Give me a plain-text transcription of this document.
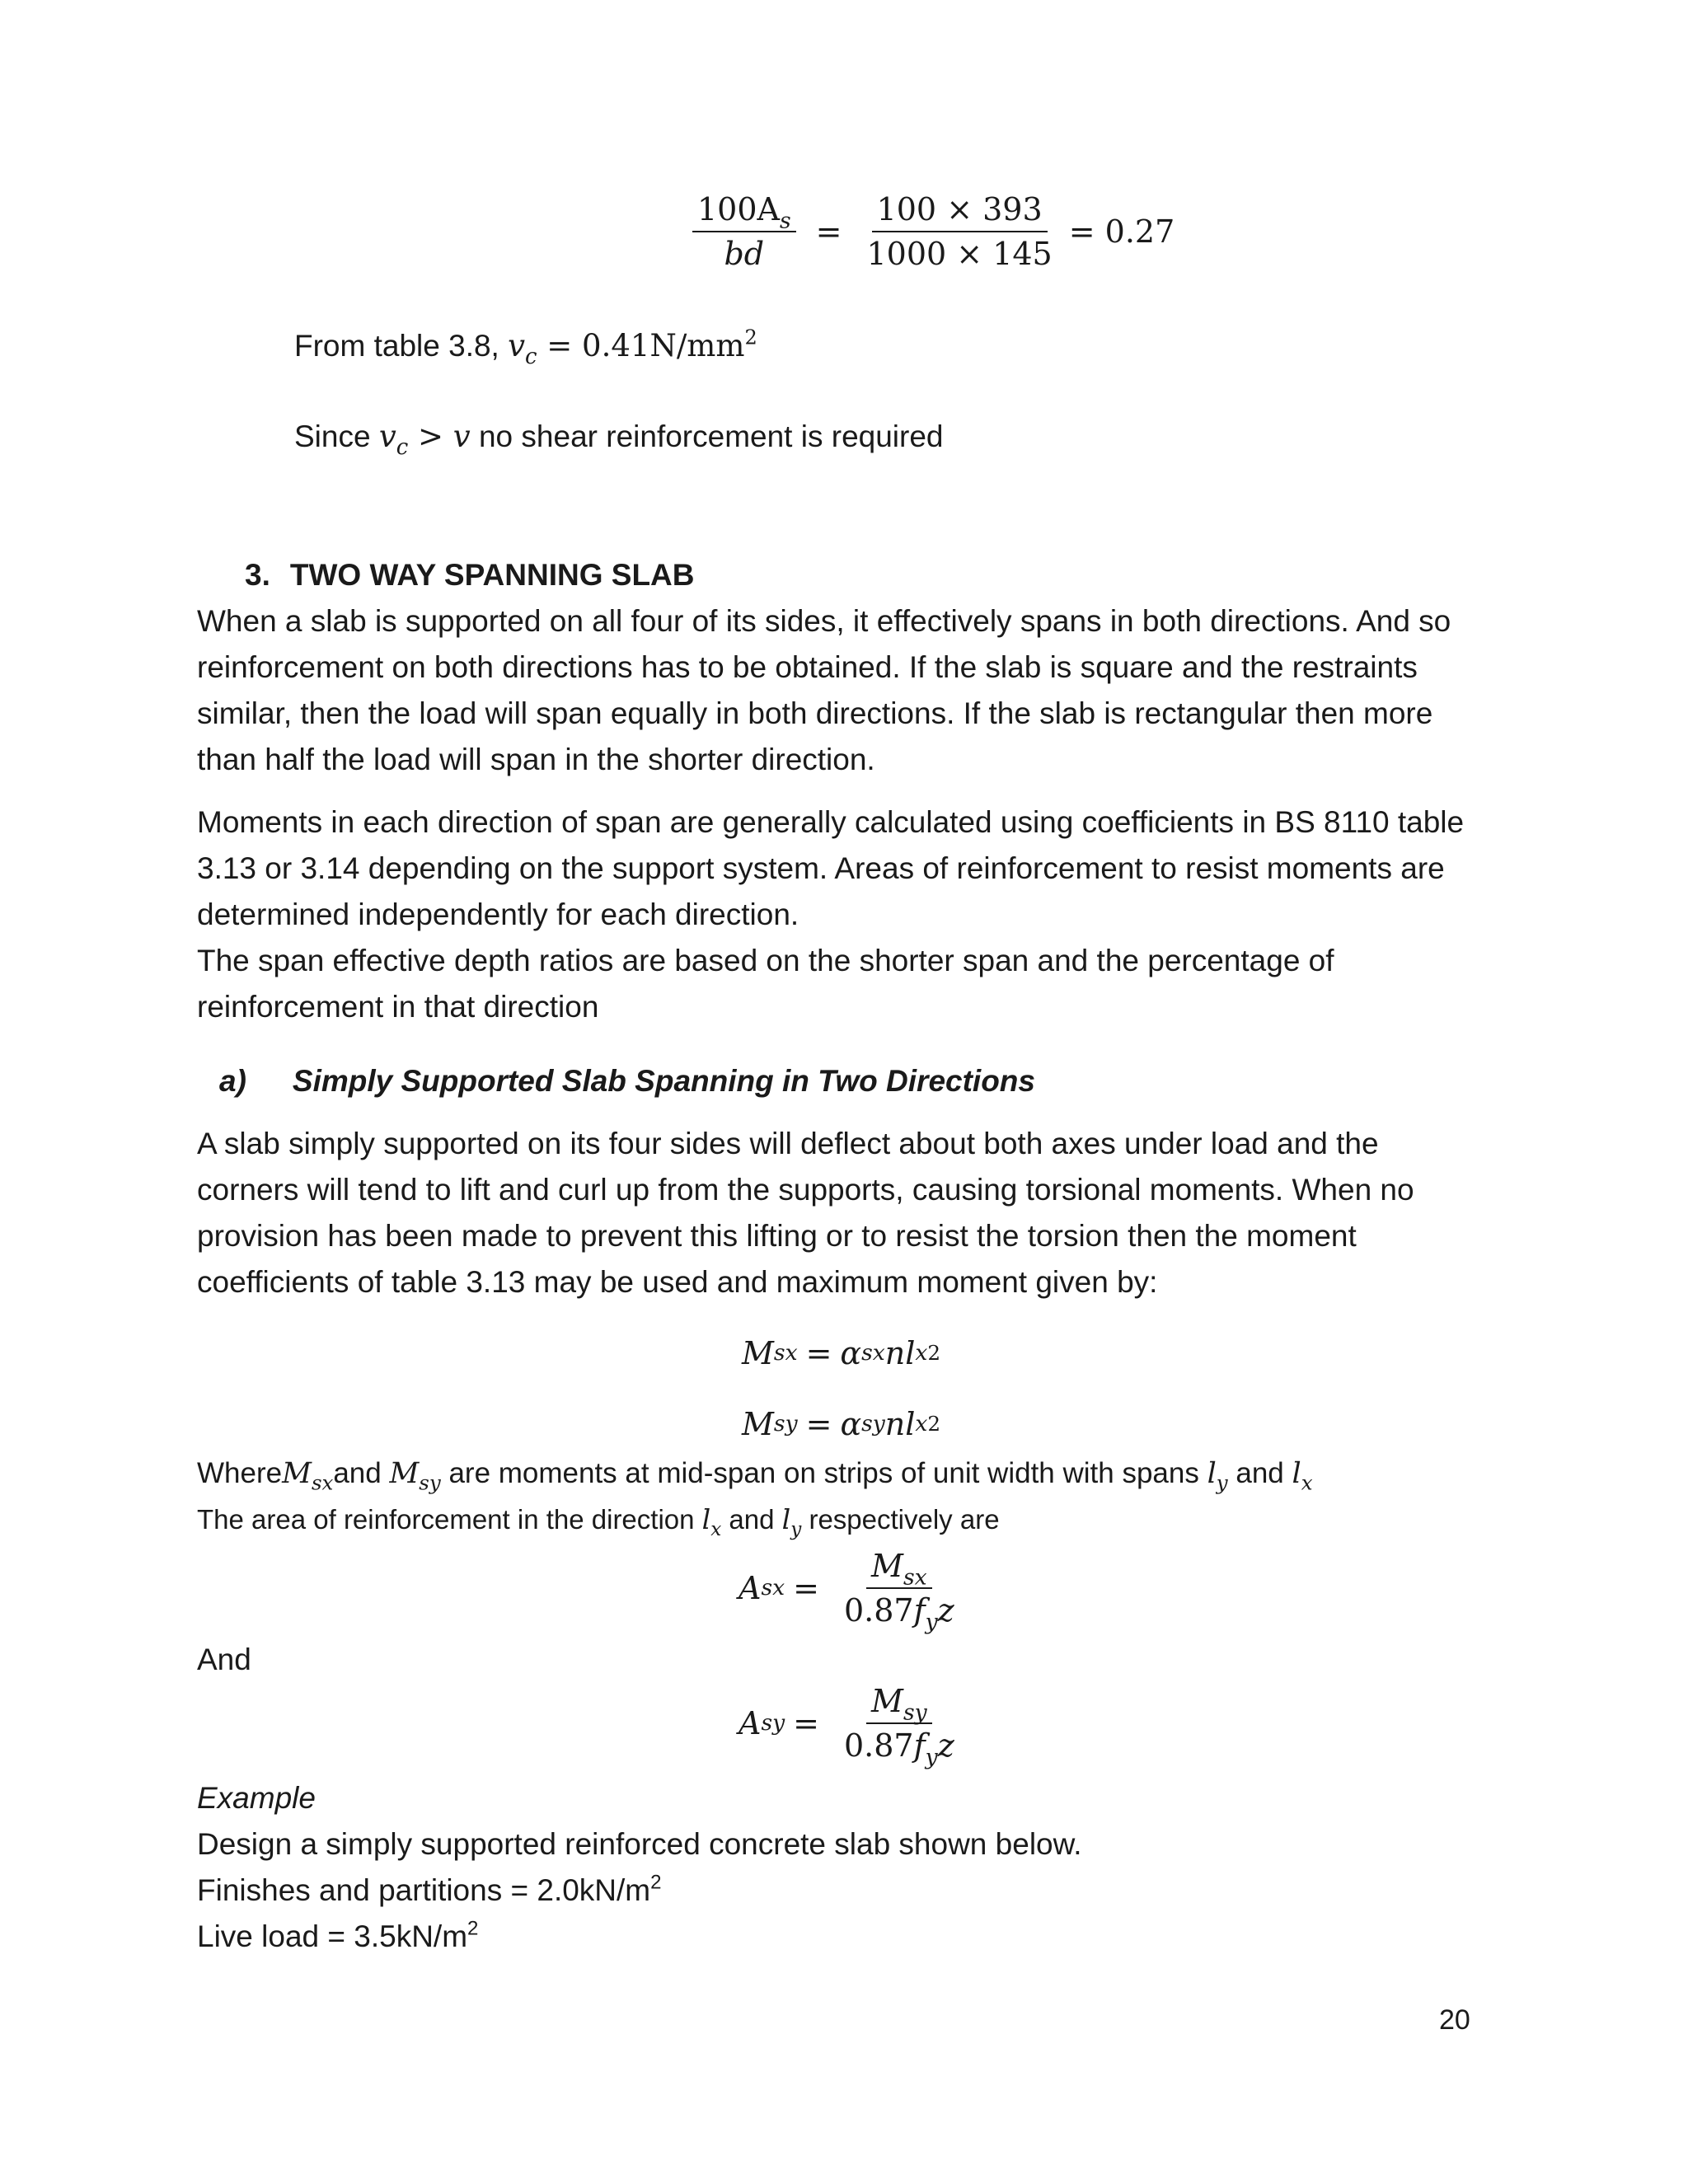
$\frac{100A_s}{bd} = \frac{100 \times 393}{1000 \times 145} = 0.27$

From table 3.8, $v_c = 0.41N/mm^2$

Since $v_c > v$ no shear reinforcement is required

3. TWO WAY SPANNING SLAB
When a slab is supported on all four of its sides, it effectively spans in both directions. And so
reinforcement on both directions has to be obtained. If the slab is square and the restraints
similar, then the load will span equally in both directions. If the slab is rectangular then more
than half the load will span in the shorter direction.
Moments in each direction of span are generally calculated using coefficients in BS 8110 table
3.13 or 3.14 depending on the support system. Areas of reinforcement to resist moments are
determined independently for each direction.
The span effective depth ratios are based on the shorter span and the percentage of
reinforcement in that direction
a) Simply Supported Slab Spanning in Two Directions
A slab simply supported on its four sides will deflect about both axes under load and the
corners will tend to lift and curl up from the supports, causing torsional moments. When no
provision has been made to prevent this lifting or to resist the torsion then the moment
coefficients of table 3.13 may be used and maximum moment given by:
M sx = α sx nl x 2
M sy = α sy nl x 2

WhereM$_{sx}$and $M_{sy}$ are moments at mid-span on strips of unit width with spans $l_y$ and $l_x$

The area of reinforcement in the direction $l_x$ and $l_y$ respectively are

A sx = $\frac{M_{sx}}{0.87f_yz}$

And

A sy = $\frac{M_{sy}}{0.87f_yz}$
Example
Design a simply supported reinforced concrete slab shown below.
Finishes and partitions = $2.0kN/m^2$
Live load = $3.5kN/m^2$
20
